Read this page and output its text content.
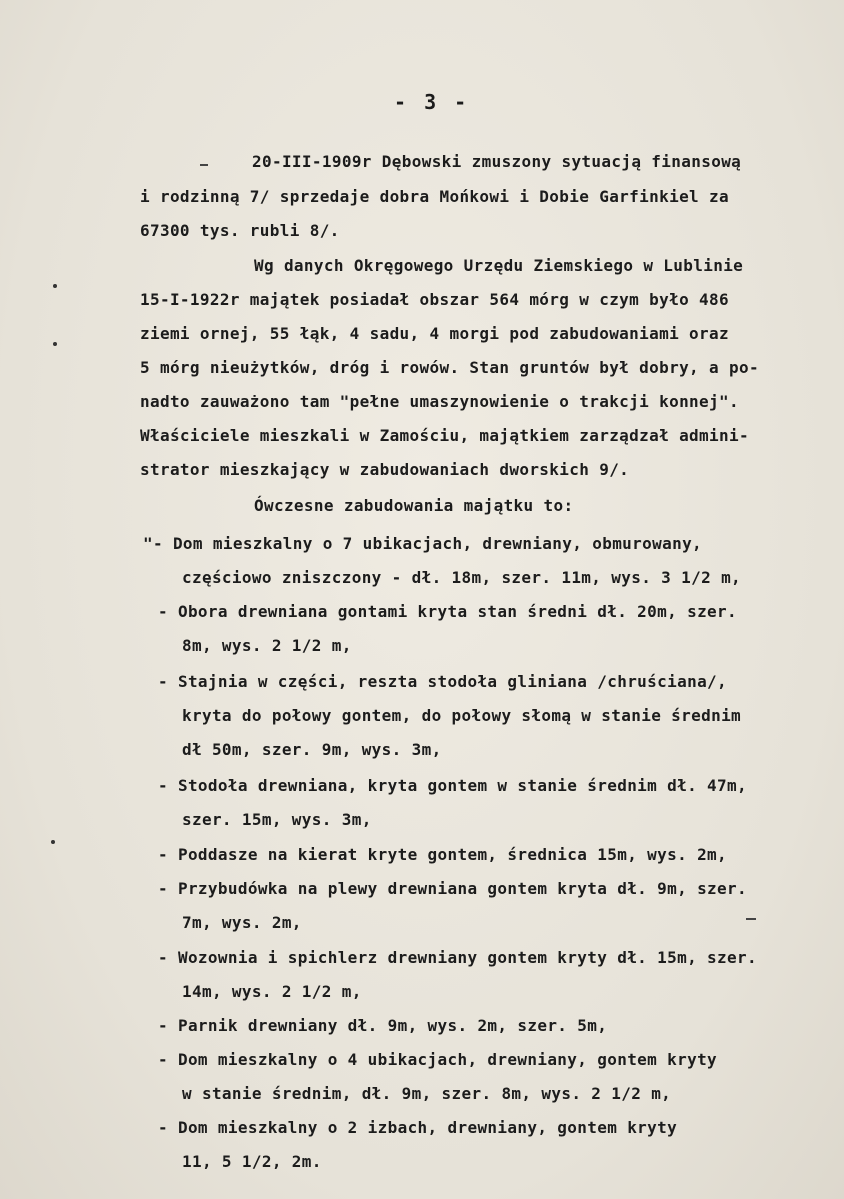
- 3 -
20-III-1909r Dębowski zmuszony sytuacją finansową
i rodzinną 7/ sprzedaje dobra Mońkowi i Dobie Garfinkiel za
67300 tys. rubli 8/.
Wg danych Okręgowego Urzędu Ziemskiego w Lublinie
15-I-1922r majątek posiadał obszar 564 mórg w czym było 486
ziemi ornej, 55 łąk, 4 sadu, 4 morgi pod zabudowaniami oraz
5 mórg nieużytków, dróg i rowów. Stan gruntów był dobry, a po-
nadto zauważono tam "pełne umaszynowienie o trakcji konnej".
Właściciele mieszkali w Zamościu, majątkiem zarządzał admini-
strator mieszkający w zabudowaniach dworskich 9/.
Ówczesne zabudowania majątku to:
"- Dom mieszkalny o 7 ubikacjach, drewniany, obmurowany,
częściowo zniszczony - dł. 18m, szer. 11m, wys. 3 1/2 m,
- Obora drewniana gontami kryta stan średni dł. 20m, szer.
8m, wys. 2 1/2 m,
- Stajnia w części, reszta stodoła gliniana /chruściana/,
kryta do połowy gontem, do połowy słomą w stanie średnim
dł 50m, szer. 9m, wys. 3m,
- Stodoła drewniana, kryta gontem w stanie średnim dł. 47m,
szer. 15m, wys. 3m,
- Poddasze na kierat kryte gontem, średnica 15m, wys. 2m,
- Przybudówka na plewy drewniana gontem kryta dł. 9m, szer.
7m, wys. 2m,
- Wozownia i spichlerz drewniany gontem kryty dł. 15m, szer.
14m, wys. 2 1/2 m,
- Parnik drewniany dł. 9m, wys. 2m, szer. 5m,
- Dom mieszkalny o 4 ubikacjach, drewniany, gontem kryty
w stanie średnim, dł. 9m, szer. 8m, wys. 2 1/2 m,
- Dom mieszkalny o 2 izbach, drewniany, gontem kryty
11, 5 1/2, 2m.
